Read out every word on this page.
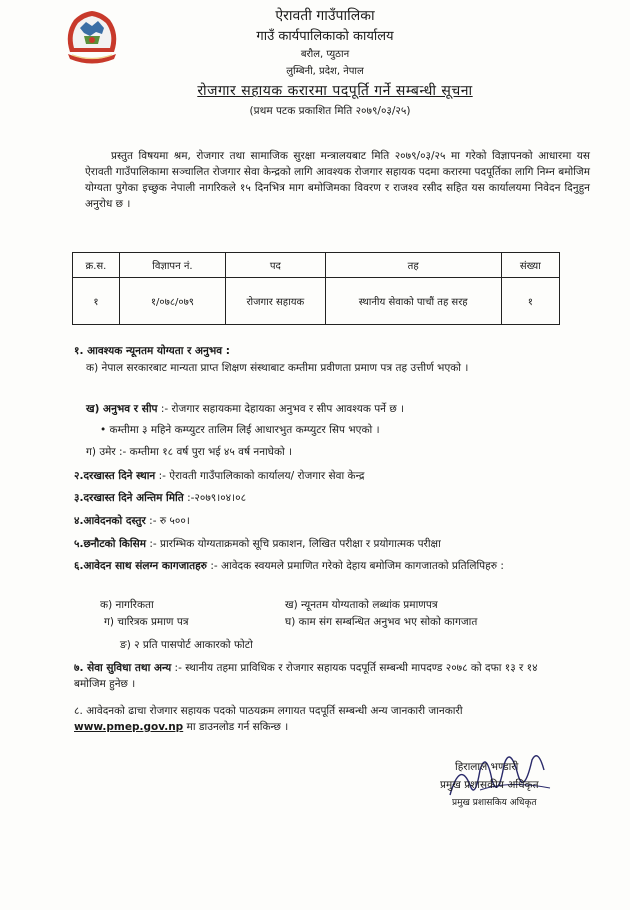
ऐरावती गाउँपालिका
गाउँ कार्यपालिकाको कार्यालय
बरौल, प्युठान
लुम्बिनी, प्रदेश, नेपाल
रोजगार सहायक करारमा पदपूर्ति गर्ने सम्बन्धी सूचना
(प्रथम पटक प्रकाशित मिति २०७९/०३/२५)
प्रस्तुत विषयमा श्रम, रोजगार तथा सामाजिक सुरक्षा मन्त्रालयबाट मिति २०७९/०३/२५ मा गरेको विज्ञापनको आधारमा यस ऐरावती गाउँपालिकामा सञ्चालित रोजगार सेवा केन्द्रको लागि आवश्यक रोजगार सहायक पदमा करारमा पदपूर्तिका लागि निम्न बमोजिम योग्यता पुगेका इच्छुक नेपाली नागरिकले १५ दिनभित्र माग बमोजिमका विवरण र राजश्व रसीद सहित यस कार्यालयमा निवेदन दिनुहुन अनुरोध छ ।
क्र.स.	विज्ञापन नं.	पद	तह	संख्या
१	१/०७८/०७९	रोजगार सहायक	स्थानीय सेवाको पाचौं तह सरह	१
१. आवश्यक न्यूनतम योग्यता र अनुभव :
क) नेपाल सरकारबाट मान्यता प्राप्त शिक्षण संस्थाबाट कम्तीमा प्रवीणता प्रमाण पत्र तह उत्तीर्ण भएको ।
ख) अनुभव र सीप :- रोजगार सहायकमा देहायका अनुभव र सीप आवश्यक पर्ने छ ।
• कम्तीमा ३ महिने कम्प्युटर तालिम लिई आधारभुत कम्प्युटर सिप भएको ।
ग) उमेर :- कम्तीमा १८ वर्ष पुरा भई ४५ वर्ष ननाघेको ।
२.दरखास्त दिने स्थान :- ऐरावती गाउँपालिकाको कार्यालय/ रोजगार सेवा केन्द्र
३.दरखास्त दिने अन्तिम मिति :-२०७९।०४।०८
४.आवेदनको दस्तुर :- रु ५००।
५.छनौटको किसिम :- प्रारम्भिक योग्यताक्रमको सूचि प्रकाशन, लिखित परीक्षा र प्रयोगात्मक परीक्षा
६.आवेदन साथ संलग्न कागजातहरु :- आवेदक स्वयमले प्रमाणित गरेको देहाय बमोजिम कागजातको प्रतिलिपिहरु :
क) नागरिकता	ख) न्यूनतम योग्यताको लब्धांक प्रमाणपत्र
ग) चारित्रक प्रमाण पत्र	घ) काम संग सम्बन्धित अनुभव भए सोको कागजात
ङ) २ प्रति पासपोर्ट आकारको फोटो
७. सेवा सुविधा तथा अन्य :- स्थानीय तहमा प्राविधिक र रोजगार सहायक पदपूर्ति सम्बन्धी मापदण्ड २०७८ को दफा १३ र १४ बमोजिम हुनेछ ।
८. आवेदनको ढाचा रोजगार सहायक पदको पाठयक्रम लगायत पदपूर्ति सम्बन्धी अन्य जानकारी जानकारी www.pmep.gov.np मा डाउनलोड गर्न सकिन्छ ।
हिरालाल भण्डारी
प्रमुख प्रशासकीय अधिकृत
प्रमुख प्रशासकिय अधिकृत
